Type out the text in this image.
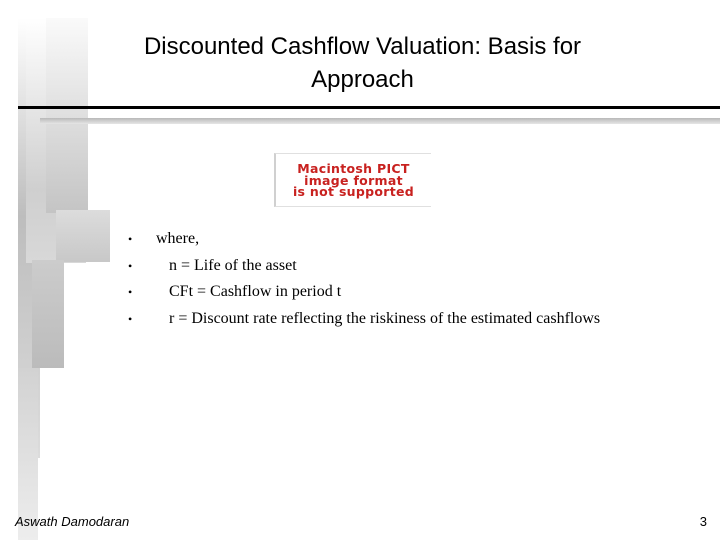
Discounted Cashflow Valuation: Basis for
Approach
Macintosh PICT
image format
is not supported
• where,
• n = Life of the asset
• CFt = Cashflow in period t
• r = Discount rate reflecting the riskiness of the estimated cashflows
Aswath Damodaran	3
